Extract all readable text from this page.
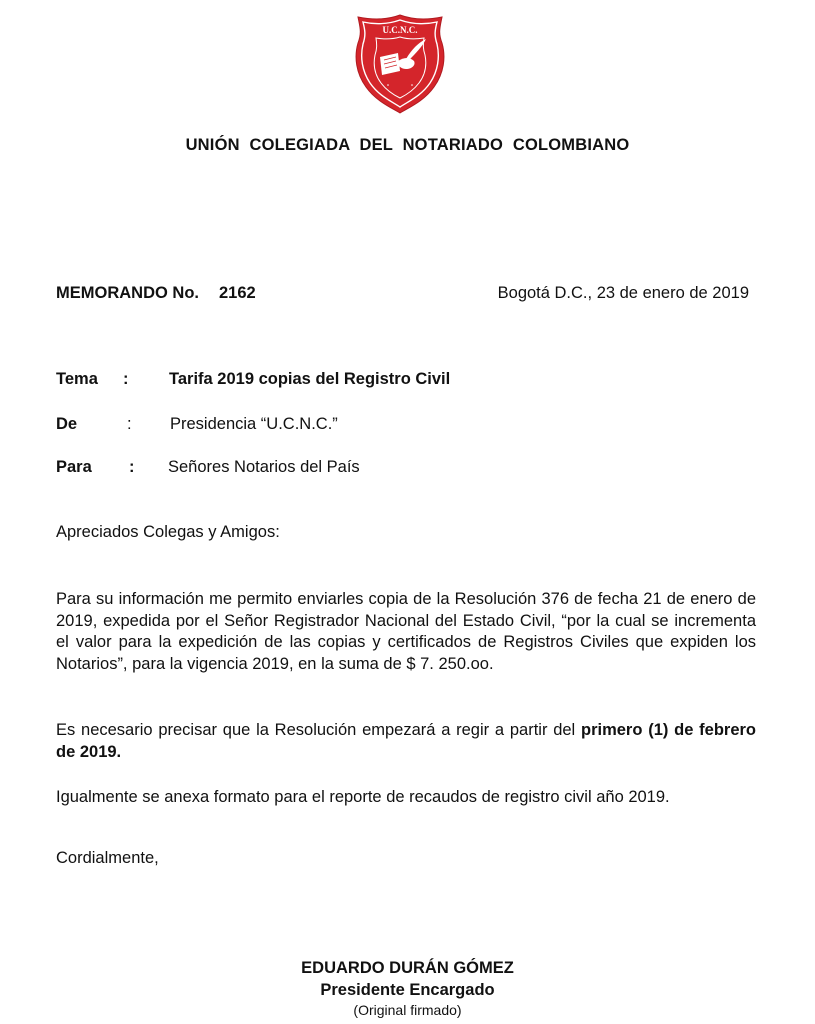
U.C.N.C.
UNIÓN COLEGIADA DEL NOTARIADO COLOMBIANO
MEMORANDO No. 2162	Bogotá D.C., 23 de enero de 2019
Tema : Tarifa 2019 copias del Registro Civil
De	: Presidencia “U.C.N.C.”
Para : Señores Notarios del País
Apreciados Colegas y Amigos:
Para su información me permito enviarles copia de la Resolución 376 de fecha 21 de enero de 2019, expedida por el Señor Registrador Nacional del Estado Civil, “por la cual se incrementa el valor para la expedición de las copias y certificados de Registros Civiles que expiden los Notarios”, para la vigencia 2019, en la suma de $ 7. 250.oo.
Es necesario precisar que la Resolución empezará a regir a partir del primero (1) de febrero de 2019.
Igualmente se anexa formato para el reporte de recaudos de registro civil año 2019.
Cordialmente,
EDUARDO DURÁN GÓMEZ
Presidente Encargado
(Original firmado)
